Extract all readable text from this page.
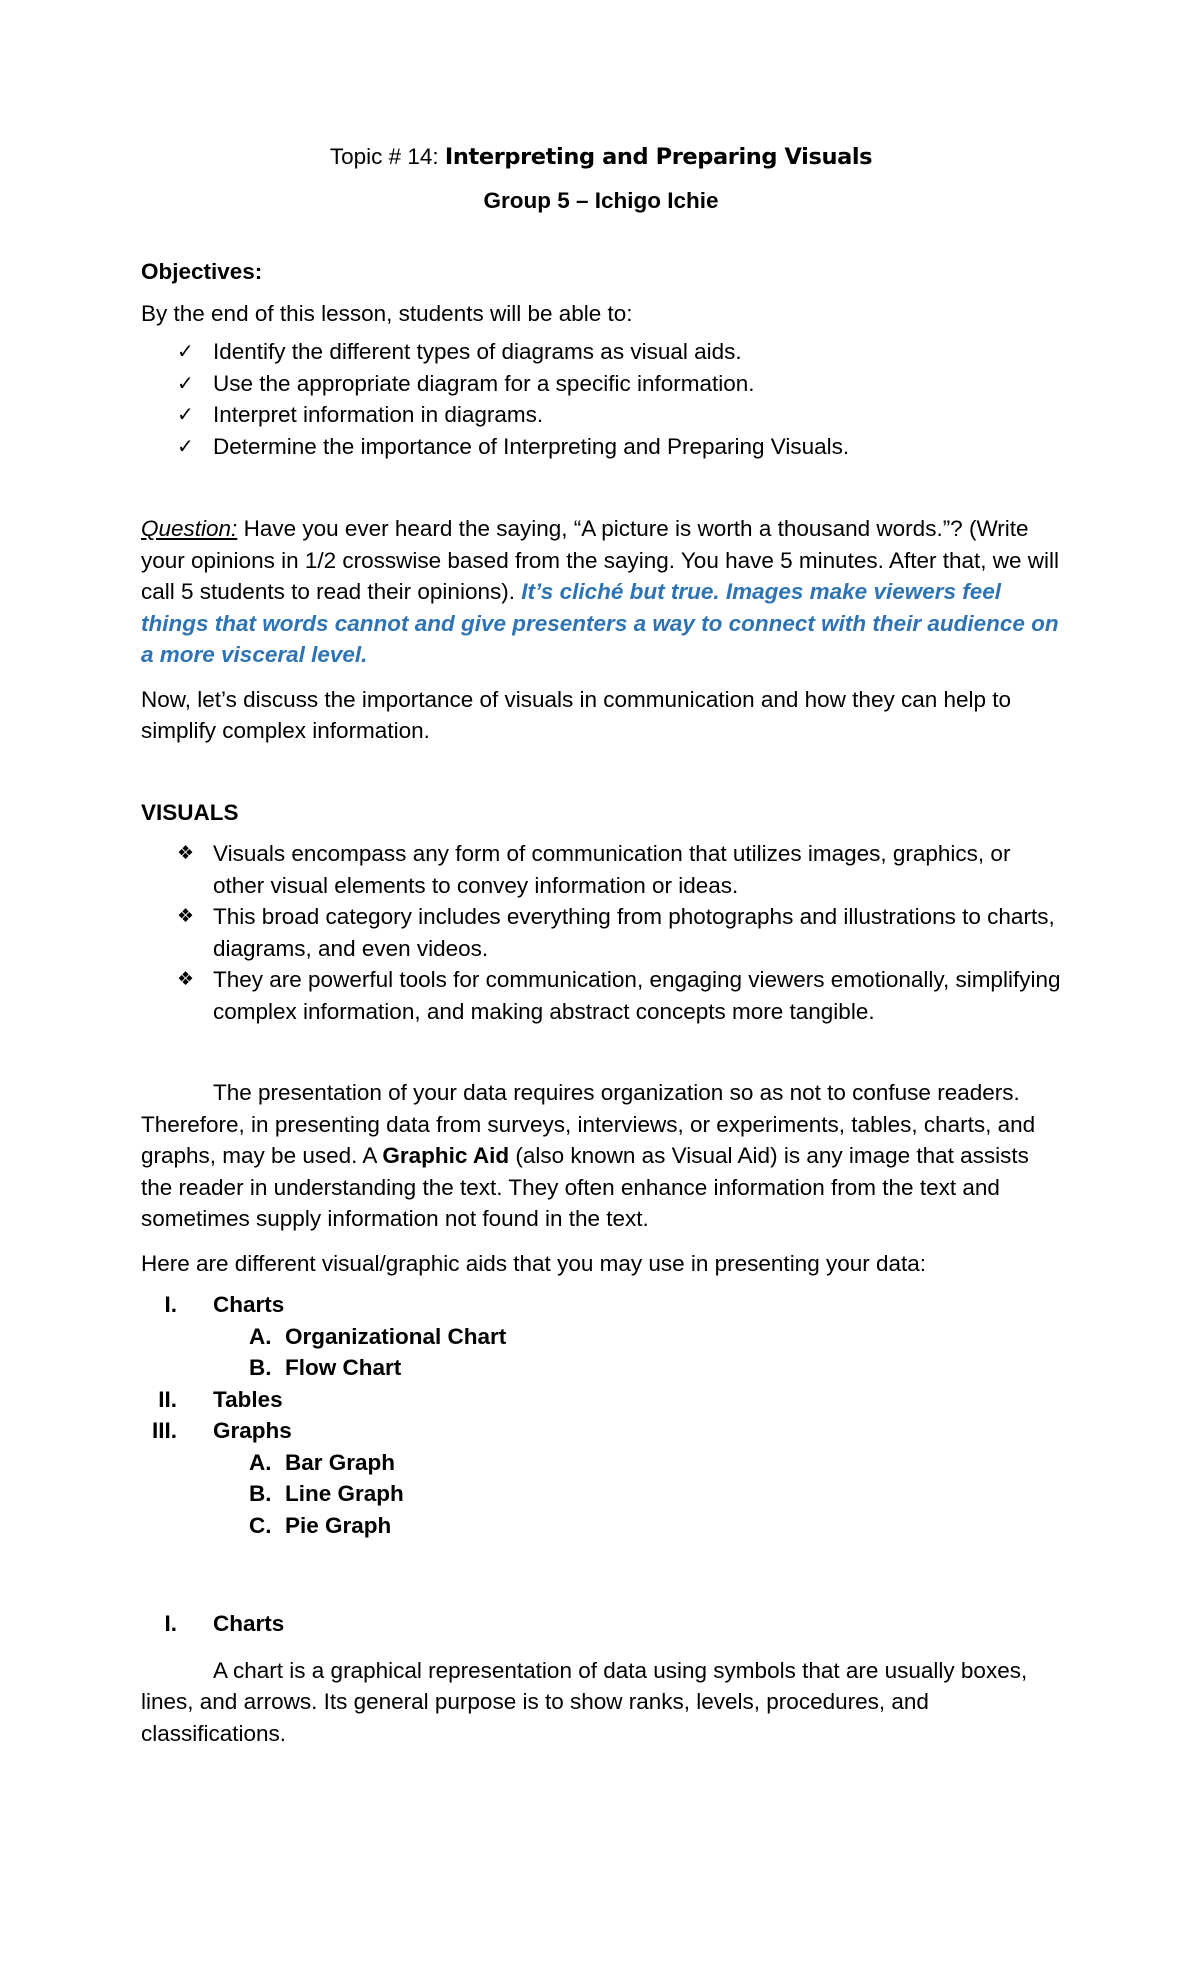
Topic # 14: Interpreting and Preparing Visuals

Group 5 – Ichigo Ichie

Objectives:

By the end of this lesson, students will be able to:

✓ Identify the different types of diagrams as visual aids.
✓ Use the appropriate diagram for a specific information.
✓ Interpret information in diagrams.
✓ Determine the importance of Interpreting and Preparing Visuals.

Question: Have you ever heard the saying, “A picture is worth a thousand words.”? (Write your opinions in 1/2 crosswise based from the saying. You have 5 minutes. After that, we will call 5 students to read their opinions). It’s cliché but true. Images make viewers feel things that words cannot and give presenters a way to connect with their audience on a more visceral level.

Now, let’s discuss the importance of visuals in communication and how they can help to simplify complex information.

VISUALS

❖ Visuals encompass any form of communication that utilizes images, graphics, or other visual elements to convey information or ideas.
❖ This broad category includes everything from photographs and illustrations to charts, diagrams, and even videos.
❖ They are powerful tools for communication, engaging viewers emotionally, simplifying complex information, and making abstract concepts more tangible.

The presentation of your data requires organization so as not to confuse readers. Therefore, in presenting data from surveys, interviews, or experiments, tables, charts, and graphs, may be used. A Graphic Aid (also known as Visual Aid) is any image that assists the reader in understanding the text. They often enhance information from the text and sometimes supply information not found in the text.

Here are different visual/graphic aids that you may use in presenting your data:

I. Charts
A. Organizational Chart
B. Flow Chart
II. Tables
III. Graphs
A. Bar Graph
B. Line Graph
C. Pie Graph
I. Charts

A chart is a graphical representation of data using symbols that are usually boxes, lines, and arrows. Its general purpose is to show ranks, levels, procedures, and classifications.
